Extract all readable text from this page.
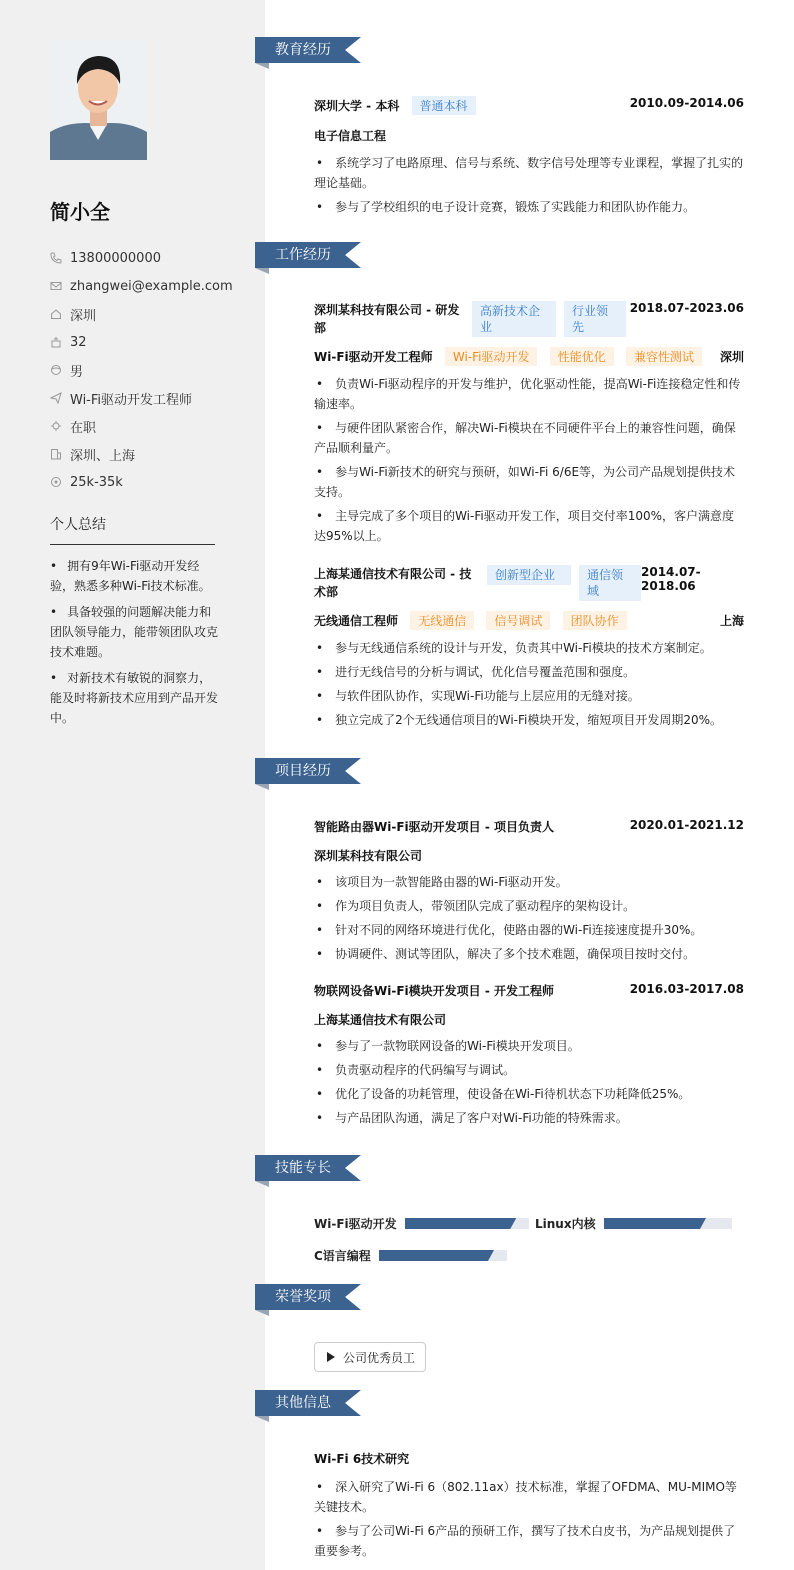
简小全
13800000000
zhangwei@example.com
深圳
32
男
Wi-Fi驱动开发工程师
在职
深圳、上海
25k-35k
个人总结
• 拥有9年Wi-Fi驱动开发经验，熟悉多种Wi-Fi技术标准。
• 具备较强的问题解决能力和团队领导能力，能带领团队攻克技术难题。
• 对新技术有敏锐的洞察力，能及时将新技术应用到产品开发中。
教育经历
工作经历
项目经历
技能专长
荣誉奖项
其他信息
深圳大学 - 本科 普通本科	2010.09-2014.06
电子信息工程
• 系统学习了电路原理、信号与系统、数字信号处理等专业课程，掌握了扎实的理论基础。
• 参与了学校组织的电子设计竞赛，锻炼了实践能力和团队协作能力。
深圳某科技有限公司 - 研发部
高新技术企业
行业领先
2018.07-2023.06
Wi-Fi驱动开发工程师 Wi-Fi驱动开发 性能优化 兼容性测试	深圳
• 负责Wi-Fi驱动程序的开发与维护，优化驱动性能，提高Wi-Fi连接稳定性和传输速率。
• 与硬件团队紧密合作，解决Wi-Fi模块在不同硬件平台上的兼容性问题，确保产品顺利量产。
• 参与Wi-Fi新技术的研究与预研，如Wi-Fi 6/6E等，为公司产品规划提供技术支持。
• 主导完成了多个项目的Wi-Fi驱动开发工作，项目交付率100%，客户满意度达95%以上。
上海某通信技术有限公司 - 技术部
创新型企业	通信领域
2014.07-2018.06
无线通信工程师 无线通信 信号调试 团队协作	上海
• 参与无线通信系统的设计与开发，负责其中Wi-Fi模块的技术方案制定。
• 进行无线信号的分析与调试，优化信号覆盖范围和强度。
• 与软件团队协作，实现Wi-Fi功能与上层应用的无缝对接。
• 独立完成了2个无线通信项目的Wi-Fi模块开发，缩短项目开发周期20%。
智能路由器Wi-Fi驱动开发项目 - 项目负责人	2020.01-2021.12
深圳某科技有限公司
• 该项目为一款智能路由器的Wi-Fi驱动开发。
• 作为项目负责人，带领团队完成了驱动程序的架构设计。
• 针对不同的网络环境进行优化，使路由器的Wi-Fi连接速度提升30%。
• 协调硬件、测试等团队，解决了多个技术难题，确保项目按时交付。
物联网设备Wi-Fi模块开发项目 - 开发工程师	2016.03-2017.08
上海某通信技术有限公司
• 参与了一款物联网设备的Wi-Fi模块开发项目。
• 负责驱动程序的代码编写与调试。
• 优化了设备的功耗管理，使设备在Wi-Fi待机状态下功耗降低25%。
• 与产品团队沟通，满足了客户对Wi-Fi功能的特殊需求。
Wi-Fi驱动开发	Linux内核
C语言编程
公司优秀员工
Wi-Fi 6技术研究
• 深入研究了Wi-Fi 6（802.11ax）技术标准，掌握了OFDMA、MU-MIMO等关键技术。
• 参与了公司Wi-Fi 6产品的预研工作，撰写了技术白皮书，为产品规划提供了重要参考。
